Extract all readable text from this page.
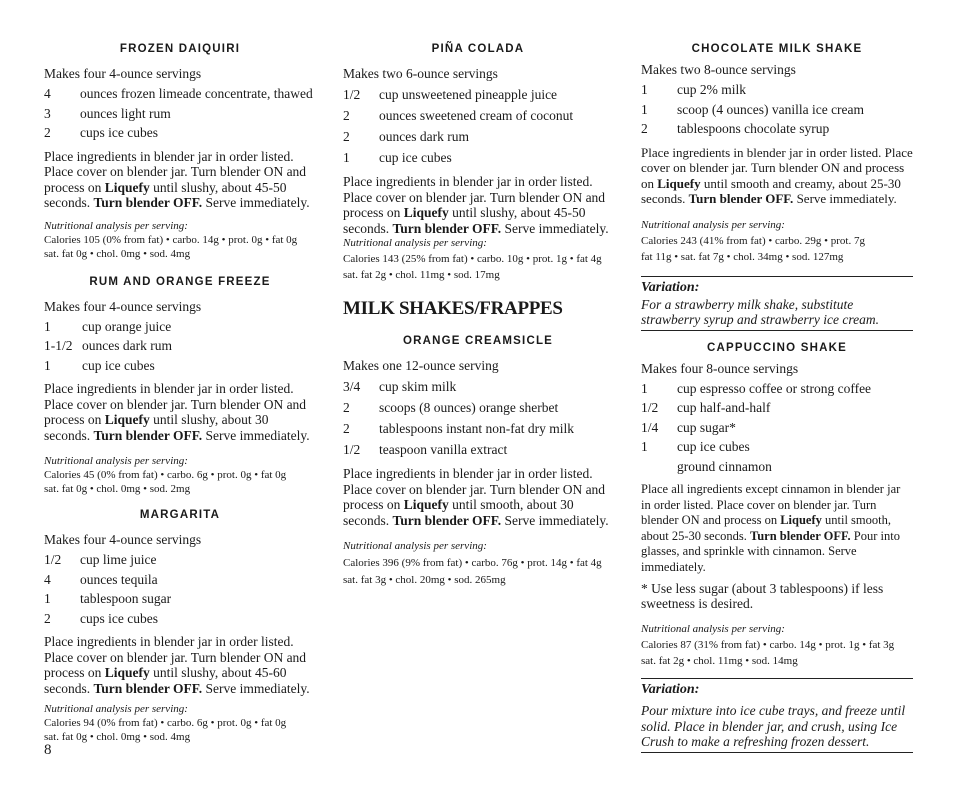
FROZEN DAIQUIRI
Makes four 4-ounce servings
4	ounces frozen limeade concentrate, thawed
3	ounces light rum
2	cups ice cubes

Place ingredients in blender jar in order listed. Place cover on blender jar. Turn blender ON and process on Liquefy until slushy, about 45-50 seconds. Turn blender OFF. Serve immediately.

Nutritional analysis per serving:
Calories 105 (0% from fat) • carbo. 14g • prot. 0g • fat 0g
sat. fat 0g • chol. 0mg • sod. 4mg
RUM AND ORANGE FREEZE
Makes four 4-ounce servings
1	cup orange juice
1-1/2 ounces dark rum
1	cup ice cubes

Place ingredients in blender jar in order listed. Place cover on blender jar. Turn blender ON and process on Liquefy until slushy, about 30 seconds. Turn blender OFF. Serve immediately.

Nutritional analysis per serving:
Calories 45 (0% from fat) • carbo. 6g • prot. 0g • fat 0g
sat. fat 0g • chol. 0mg • sod. 2mg
MARGARITA
Makes four 4-ounce servings
1/2	cup lime juice
4	ounces tequila
1	tablespoon sugar
2	cups ice cubes

Place ingredients in blender jar in order listed. Place cover on blender jar. Turn blender ON and process on Liquefy until slushy, about 45-60 seconds. Turn blender OFF. Serve immediately.

Nutritional analysis per serving:
Calories 94 (0% from fat) • carbo. 6g • prot. 0g • fat 0g
sat. fat 0g • chol. 0mg • sod. 4mg
PIÑA COLADA
Makes two 6-ounce servings
1/2	cup unsweetened pineapple juice
2	ounces sweetened cream of coconut
2	ounces dark rum
1	cup ice cubes

Place ingredients in blender jar in order listed. Place cover on blender jar. Turn blender ON and process on Liquefy until slushy, about 45-50 seconds. Turn blender OFF. Serve immediately.

Nutritional analysis per serving:
Calories 143 (25% from fat) • carbo. 10g • prot. 1g • fat 4g
sat. fat 2g • chol. 11mg • sod. 17mg
MILK SHAKES/FRAPPES
ORANGE CREAMSICLE
Makes one 12-ounce serving
3/4	cup skim milk
2	scoops (8 ounces) orange sherbet
2	tablespoons instant non-fat dry milk
1/2	teaspoon vanilla extract

Place ingredients in blender jar in order listed. Place cover on blender jar. Turn blender ON and process on Liquefy until smooth, about 30 seconds. Turn blender OFF. Serve immediately.

Nutritional analysis per serving:
Calories 396 (9% from fat) • carbo. 76g • prot. 14g • fat 4g
sat. fat 3g • chol. 20mg • sod. 265mg
CHOCOLATE MILK SHAKE
Makes two 8-ounce servings
1	cup 2% milk
1	scoop (4 ounces) vanilla ice cream
2	tablespoons chocolate syrup

Place ingredients in blender jar in order listed. Place cover on blender jar. Turn blender ON and process on Liquefy until smooth and creamy, about 25-30 seconds. Turn blender OFF. Serve immediately.

Nutritional analysis per serving:
Calories 243 (41% from fat) • carbo. 29g • prot. 7g
fat 11g • sat. fat 7g • chol. 34mg • sod. 127mg
Variation:
For a strawberry milk shake, substitute strawberry syrup and strawberry ice cream.
CAPPUCCINO SHAKE
Makes four 8-ounce servings
1	cup espresso coffee or strong coffee
1/2	cup half-and-half
1/4	cup sugar*
1	cup ice cubes
ground cinnamon

Place all ingredients except cinnamon in blender jar in order listed. Place cover on blender jar. Turn blender ON and process on Liquefy until smooth, about 25-30 seconds. Turn blender OFF. Pour into glasses, and sprinkle with cinnamon. Serve immediately.

* Use less sugar (about 3 tablespoons) if less sweetness is desired.
Nutritional analysis per serving:
Calories 87 (31% from fat) • carbo. 14g • prot. 1g • fat 3g
sat. fat 2g • chol. 11mg • sod. 14mg
Variation:
Pour mixture into ice cube trays, and freeze until solid. Place in blender jar, and crush, using Ice Crush to make a refreshing frozen dessert.
8
